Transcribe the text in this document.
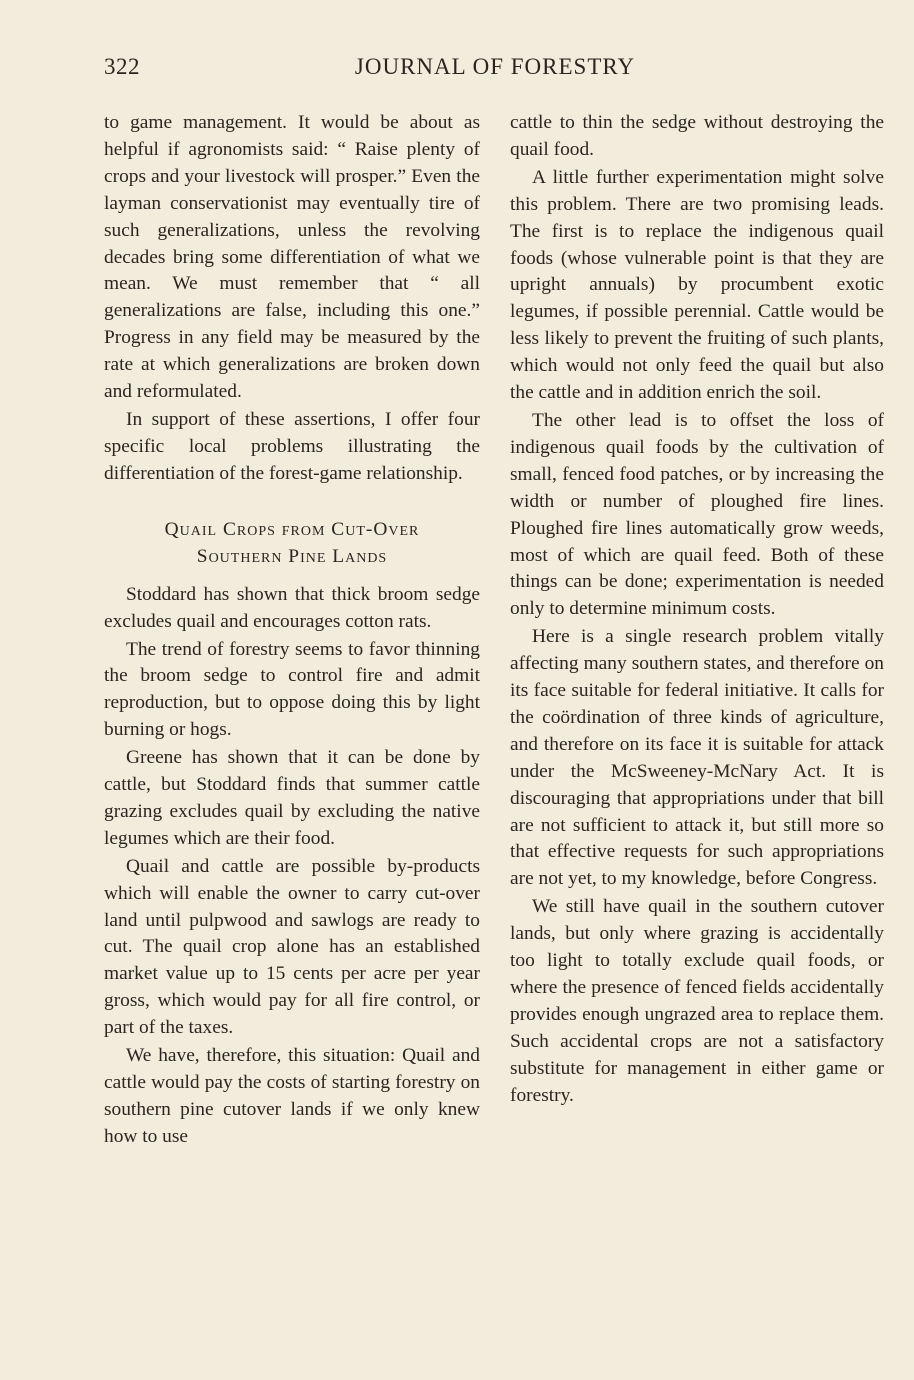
322	JOURNAL OF FORESTRY

to game management. It would be about as helpful if agronomists said: “ Raise plenty of crops and your livestock will prosper.” Even the layman conservationist may eventually tire of such generalizations, unless the revolving decades bring some differentiation of what we mean. We must remember that “ all generalizations are false, including this one.” Progress in any field may be measured by the rate at which generalizations are broken down and reformulated.

In support of these assertions, I offer four specific local problems illustrating the differentiation of the forest-game relationship.

Quail Crops from Cut-Over
Southern Pine Lands

Stoddard has shown that thick broom sedge excludes quail and encourages cotton rats.

The trend of forestry seems to favor thinning the broom sedge to control fire and admit reproduction, but to oppose doing this by light burning or hogs.

Greene has shown that it can be done by cattle, but Stoddard finds that summer cattle grazing excludes quail by excluding the native legumes which are their food.

Quail and cattle are possible by-products which will enable the owner to carry cut-over land until pulpwood and sawlogs are ready to cut. The quail crop alone has an established market value up to 15 cents per acre per year gross, which would pay for all fire control, or part of the taxes.

We have, therefore, this situation: Quail and cattle would pay the costs of starting forestry on southern pine cutover lands if we only knew how to use

cattle to thin the sedge without destroying the quail food.

A little further experimentation might solve this problem. There are two promising leads. The first is to replace the indigenous quail foods (whose vulnerable point is that they are upright annuals) by procumbent exotic legumes, if possible perennial. Cattle would be less likely to prevent the fruiting of such plants, which would not only feed the quail but also the cattle and in addition enrich the soil.

The other lead is to offset the loss of indigenous quail foods by the cultivation of small, fenced food patches, or by increasing the width or number of ploughed fire lines. Ploughed fire lines automatically grow weeds, most of which are quail feed. Both of these things can be done; experimentation is needed only to determine minimum costs.

Here is a single research problem vitally affecting many southern states, and therefore on its face suitable for federal initiative. It calls for the coördination of three kinds of agriculture, and therefore on its face it is suitable for attack under the McSweeney-McNary Act. It is discouraging that appropriations under that bill are not sufficient to attack it, but still more so that effective requests for such appropriations are not yet, to my knowledge, before Congress.

We still have quail in the southern cutover lands, but only where grazing is accidentally too light to totally exclude quail foods, or where the presence of fenced fields accidentally provides enough ungrazed area to replace them. Such accidental crops are not a satisfactory substitute for management in either game or forestry.
